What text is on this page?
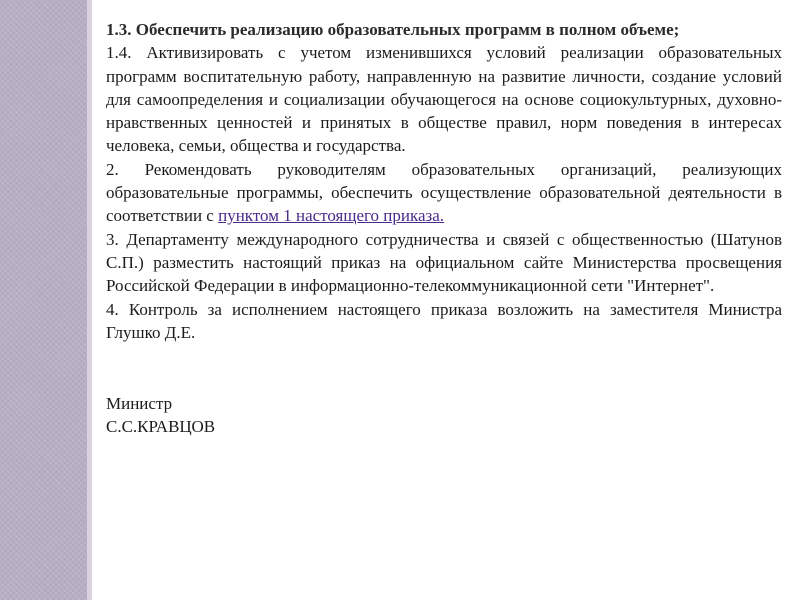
1.3. Обеспечить реализацию образовательных программ в полном объеме;

1.4. Активизировать с учетом изменившихся условий реализации образовательных программ воспитательную работу, направленную на развитие личности, создание условий для самоопределения и социализации обучающегося на основе социокультурных, духовно-нравственных ценностей и принятых в обществе правил, норм поведения в интересах человека, семьи, общества и государства.

2. Рекомендовать руководителям образовательных организаций, реализующих образовательные программы, обеспечить осуществление образовательной деятельности в соответствии с пунктом 1 настоящего приказа.

3. Департаменту международного сотрудничества и связей с общественностью (Шатунов С.П.) разместить настоящий приказ на официальном сайте Министерства просвещения Российской Федерации в информационно-телекоммуникационной сети "Интернет".

4. Контроль за исполнением настоящего приказа возложить на заместителя Министра Глушко Д.Е.

Министр
С.С.КРАВЦОВ
